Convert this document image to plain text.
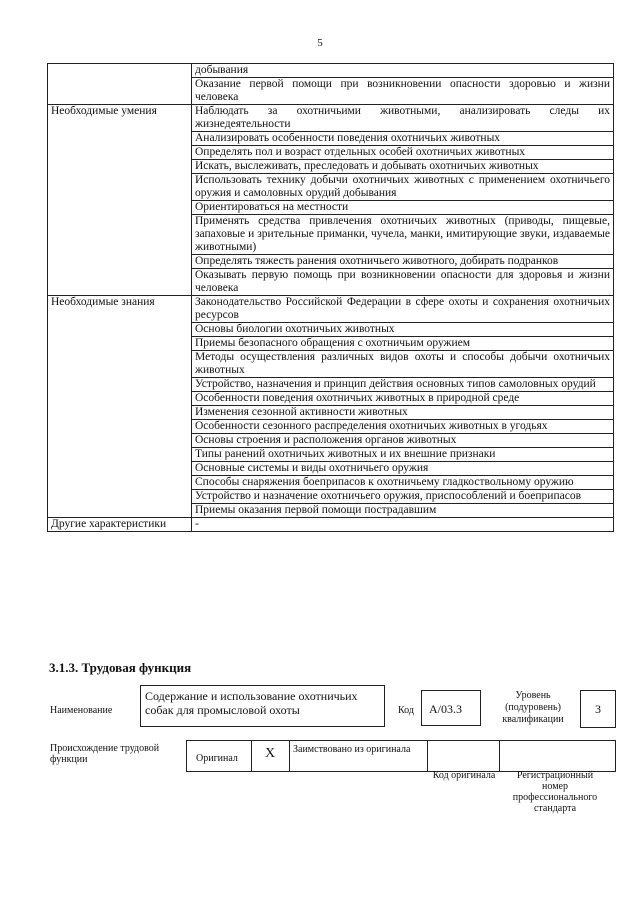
5
	добывания
	Оказание первой помощи при возникновении опасности здоровью и жизни человека
Необходимые умения	Наблюдать за охотничьими животными, анализировать следы их жизнедеятельности
	Анализировать особенности поведения охотничьих животных
	Определять пол и возраст отдельных особей охотничьих животных
	Искать, выслеживать, преследовать и добывать охотничьих животных
	Использовать технику добычи охотничьих животных с применением охотничьего оружия и самоловных орудий добывания
	Ориентироваться на местности
	Применять средства привлечения охотничьих животных (приводы, пищевые, запаховые и зрительные приманки, чучела, манки, имитирующие звуки, издаваемые животными)
	Определять тяжесть ранения охотничьего животного, добирать подранков
	Оказывать первую помощь при возникновении опасности для здоровья и жизни человека
Необходимые знания	Законодательство Российской Федерации в сфере охоты и сохранения охотничьих ресурсов
	Основы биологии охотничьих животных
	Приемы безопасного обращения с охотничьим оружием
	Методы осуществления различных видов охоты и способы добычи охотничьих животных
	Устройство, назначения и принцип действия основных типов самоловных орудий
	Особенности поведения охотничьих животных в природной среде
	Изменения сезонной активности животных
	Особенности сезонного распределения охотничьих животных в угодьях
	Основы строения и расположения органов животных
	Типы ранений охотничьих животных и их внешние признаки
	Основные системы и виды охотничьего оружия
	Способы снаряжения боеприпасов к охотничьему гладкоствольному оружию
	Устройство и назначение охотничьего оружия, приспособлений и боеприпасов
	Приемы оказания первой помощи пострадавшим
Другие характеристики	-
3.1.3. Трудовая функция
Наименование
Содержание и использование охотничьих собак для промысловой охоты	Код	А/03.3
Уровень (подуровень) квалификации
3
Происхождение трудовой функции	Оригинал	X	Заимствовано из оригинала
Код оригинала	Регистрационный номер профессионального стандарта
